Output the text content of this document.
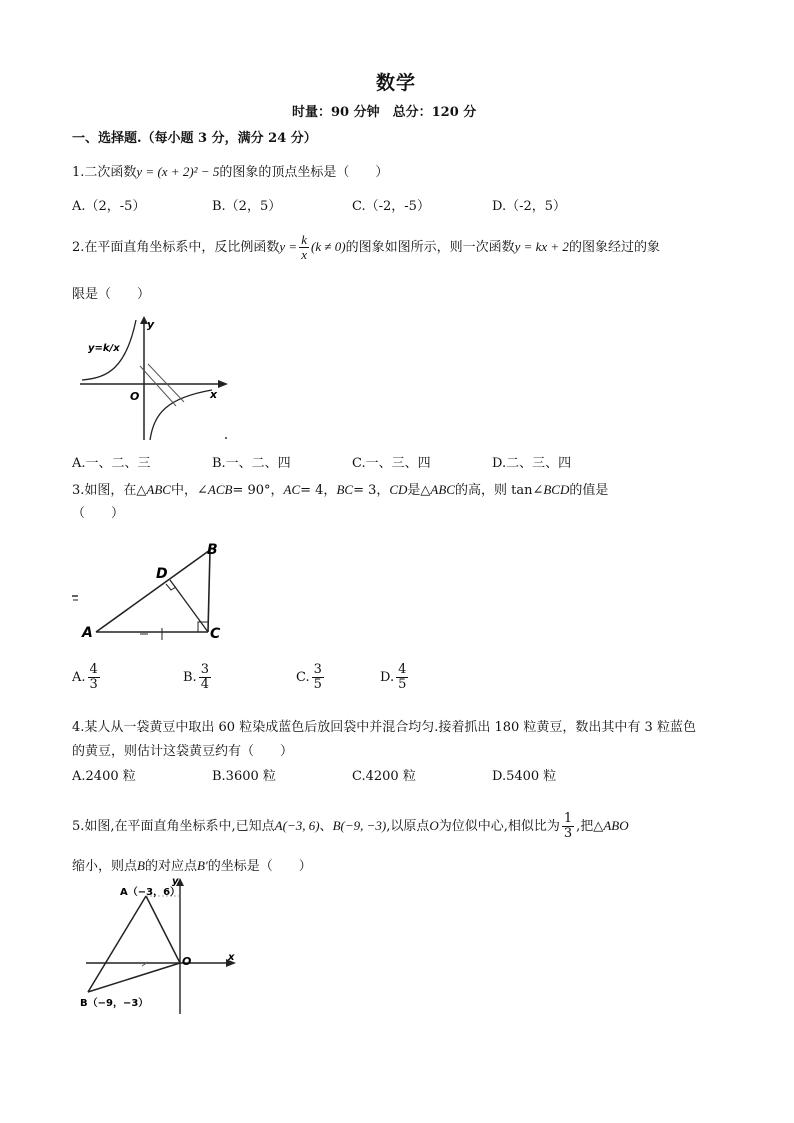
数学
时量：90 分钟　总分：120 分
一、选择题.（每小题 3 分，满分 24 分）
1.二次函数y = (x + 2)² − 5的图象的顶点坐标是（　　）
A.（2，-5）	B.（2，5）	C.（-2，-5）	D.（-2，5）
2.在平面直角坐标系中，反比例函数$y = \frac{k}{x} (k \ne 0)$的图象如图所示，则一次函数y = kx + 2的图象经过的象
限是（　　）
y
x
O
y=k/x
A.一、二、三	B.一、二、四	C.一、三、四	D.二、三、四
3.如图，在△ABC中，∠ACB= 90°，AC= 4，BC= 3，CD是△ABC的高，则 tan∠BCD的值是
（　　）
A
B
C
D
A. $\frac{4}{3}$	B. $\frac{3}{4}$	C. $\frac{3}{5}$	D. $\frac{4}{5}$
4.某人从一袋黄豆中取出 60 粒染成蓝色后放回袋中并混合均匀.接着抓出 180 粒黄豆，数出其中有 3 粒蓝色
的黄豆，则估计这袋黄豆约有（　　）
A.2400 粒	B.3600 粒	C.4200 粒	D.5400 粒
5.如图,在平面直角坐标系中,已知点A(−3, 6)、B(−9, −3),以原点O为位似中心,相似比为 $\frac{1}{3}$ ,把△ABO
缩小，则点B的对应点B′的坐标是（　　）
x
y
O
A（−3，6）
B（−9，−3）
